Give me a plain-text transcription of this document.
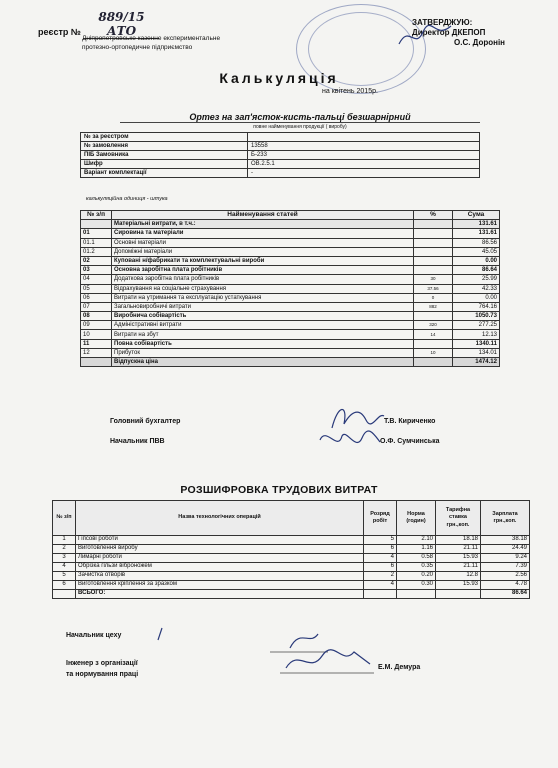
реєстр № 889/15 АТО
Дніпропетровське казенне експериментальне
протезно-ортопедичне підприємство
ЗАТВЕРДЖУЮ:
Директор ДКЕПОП
О.С. Доронін
Калькуляція
на квітень 2015р.
Ортез на зап'ясток-кисть-пальці безшарнірний
повне найменування продукції ( виробу)
№ за реєстром	
№ замовлення	13558
ПІБ Замовника	Б-233
Шифр	ОВ.2.5.1
Варіант комплектації	-
калькуляційна одиниця - штука
№ з/п	Найменування статей	%	Сума
	Матеріальні витрати, в т.ч.:		131.61
01	Сировина та матеріали		131.61
01.1	Основні матеріали		86.56
01.2	Допоміжні матеріали		45.05
02	Куповані н/фабрикати та комплектувальні вироби		0.00
03	Основна заробітна плата робітників		86.64
04	Додаткова заробітна плата робітників	30	25.99
05	Відрахування на соціальне страхування	37.56	42.33
06	Витрати на утримання та експлуатацію устаткування	0	0.00
07	Загальновиробничі витрати	882	764.16
08	Виробнича собівартість		1050.73
09	Адміністративні витрати	320	277.25
10	Витрати на збут	14	12.13
11	Повна собівартість		1340.11
12	Прибуток	10	134.01
	Відпускна ціна		1474.12
Головний бухгалтер	Т.В. Кириченко
Начальник ПВВ	О.Ф. Сумчинська
РОЗШИФРОВКА ТРУДОВИХ ВИТРАТ
№ з/п	Назва технологічних операцій	Розряд робіт	Норма (годин)	Тарифна ставка грн.,коп.	Зарплата грн.,коп.
1	Гіпсові роботи	5	2.10	18.18	38.18
2	Виготовлення виробу	6	1.16	21.11	24.49
3	Лимарні роботи	4	0.58	15.93	9.24
4	Обрізка гільзи віброножем	6	0.35	21.11	7.39
5	Зачистка отворів	2	0.20	12.8	2.56
6	Виготовлення кріплення за зразком	4	0.30	15.93	4.78
	ВСЬОГО:				86.64
Начальник цеху
Інженер з організації
та нормування праці
Е.М. Демура
